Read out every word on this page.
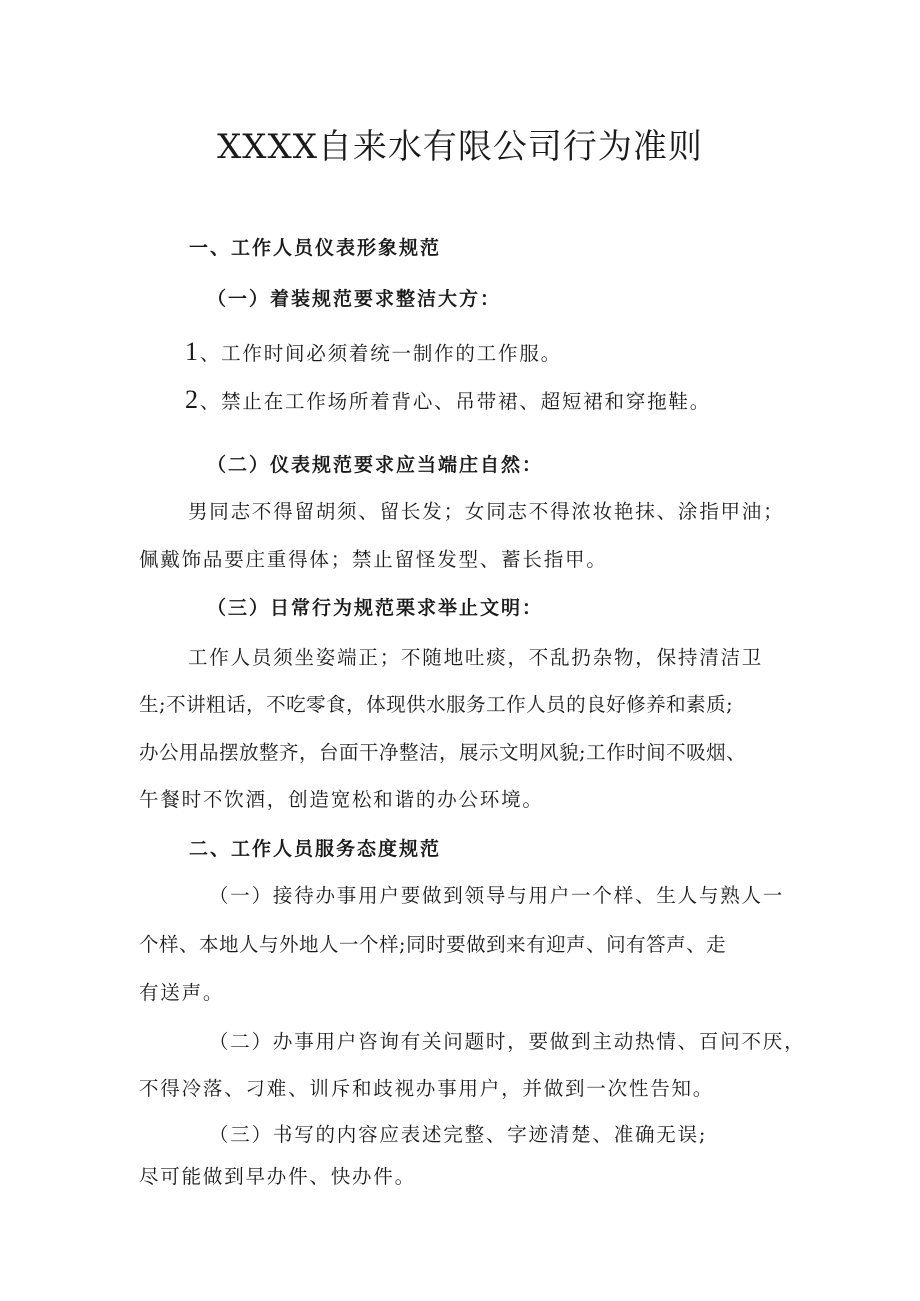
XXXX自来水有限公司行为准则
一、工作人员仪表形象规范
（一）着装规范要求整洁大方：
1、工作时间必须着统一制作的工作服。
2、禁止在工作场所着背心、吊带裙、超短裙和穿拖鞋。
（二）仪表规范要求应当端庄自然：
男同志不得留胡须、留长发；女同志不得浓妆艳抹、涂指甲油；
佩戴饰品要庄重得体；禁止留怪发型、蓄长指甲。
（三）日常行为规范栗求举止文明：
工作人员须坐姿端正；不随地吐痰，不乱扔杂物，保持清洁卫
生;不讲粗话，不吃零食，体现供水服务工作人员的良好修养和素质;
办公用品摆放整齐，台面干净整洁，展示文明风貌;工作时间不吸烟、
午餐时不饮酒，创造宽松和谐的办公环境。
二、工作人员服务态度规范
（一）接待办事用户要做到领导与用户一个样、生人与熟人一
个样、本地人与外地人一个样;同时要做到来有迎声、问有答声、走
有送声。
（二）办事用户咨询有关问题时，要做到主动热情、百问不厌，
不得冷落、刁难、训斥和歧视办事用户，并做到一次性告知。
（三）书写的内容应表述完整、字迹清楚、准确无误;
尽可能做到早办件、快办件。
